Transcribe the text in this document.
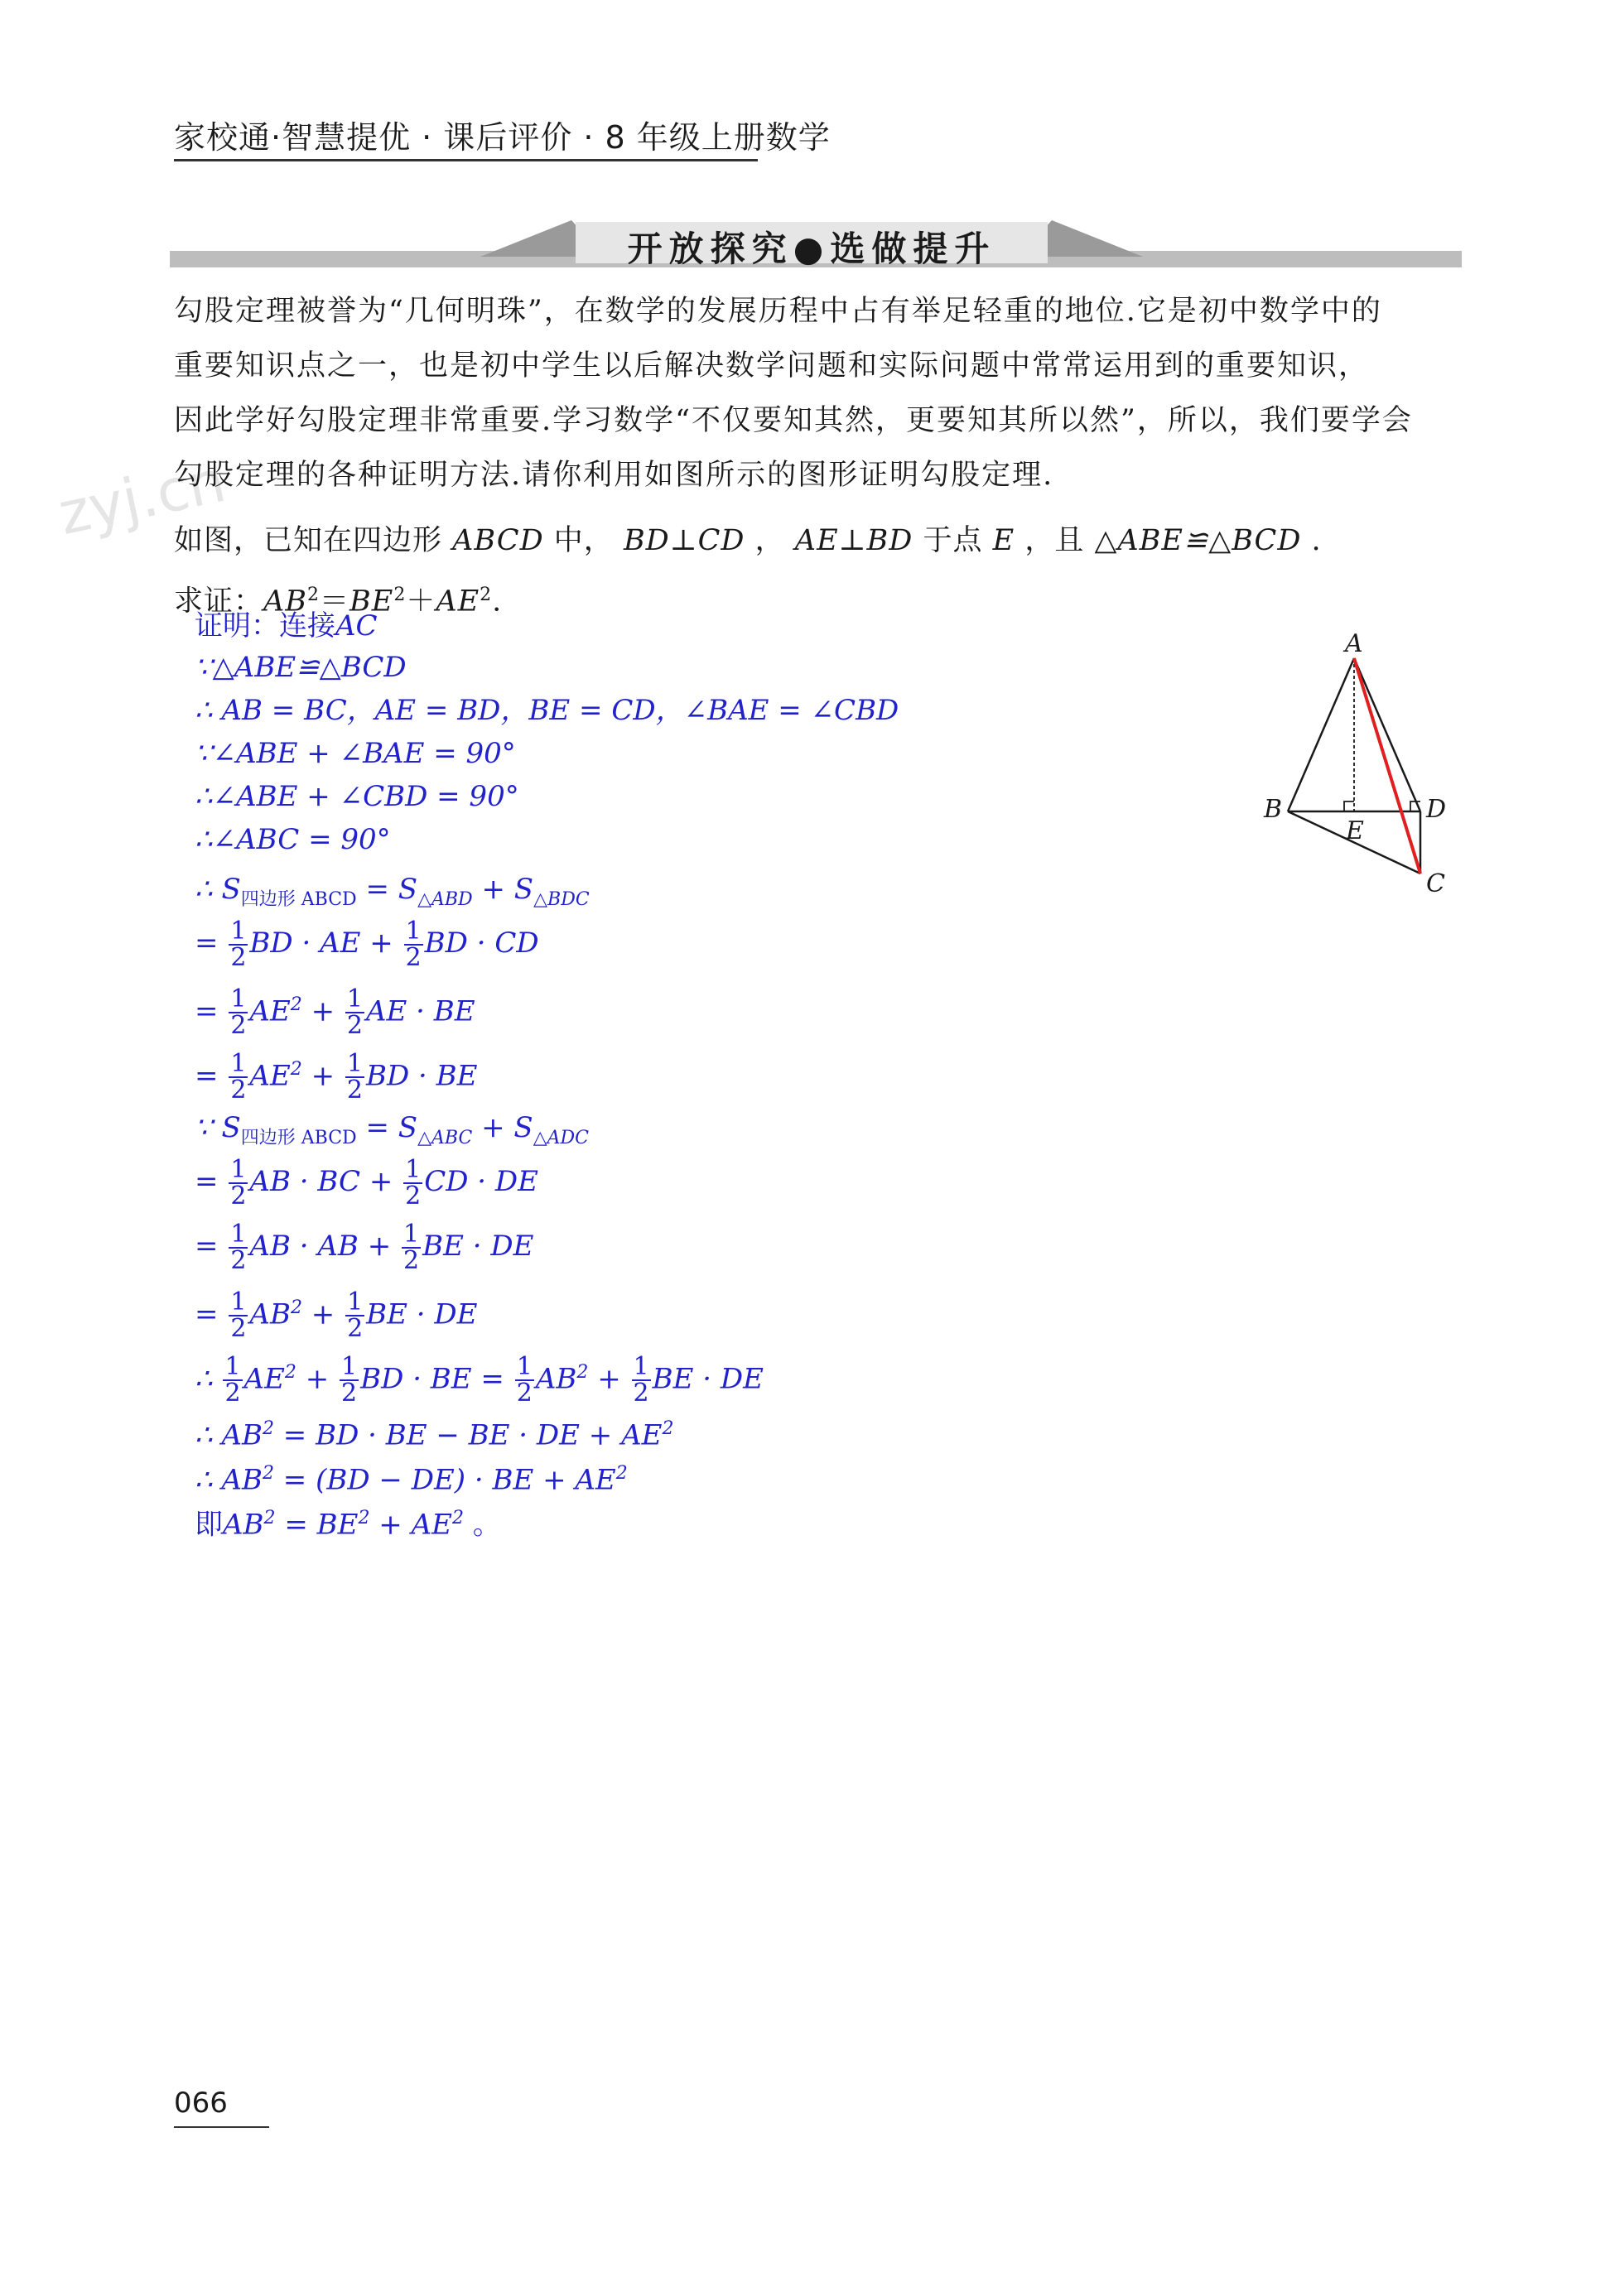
家校通·智慧提优 · 课后评价 · 8 年级上册数学
开放探究●选做提升
zyj.cn
勾股定理被誉为“几何明珠”，在数学的发展历程中占有举足轻重的地位.它是初中数学中的
重要知识点之一，也是初中学生以后解决数学问题和实际问题中常常运用到的重要知识，
因此学好勾股定理非常重要.学习数学“不仅要知其然，更要知其所以然”，所以，我们要学会
勾股定理的各种证明方法.请你利用如图所示的图形证明勾股定理.
如图，已知在四边形 ABCD 中， BD⊥CD ， AE⊥BD 于点 E ，且 △ABE≌△BCD .
求证：$AB^2=BE^2+AE^2$.
A
B
E
D
C
证明：连接AC
∵△ABE≌△BCD
∴ AB = BC，AE = BD，BE = CD，∠BAE = ∠CBD
∵∠ABE + ∠BAE = 90°
∴∠ABE + ∠CBD = 90°
∴∠ABC = 90°
∴ $S_{四边形 ABCD} = S_{\triangle ABD} + S_{\triangle BDC}$
= $\frac{1}{2}$ BD · AE + $\frac{1}{2}$ BD · CD
= $\frac{1}{2} AE^2 + \frac{1}{2}$ AE · BE
= $\frac{1}{2} AE^2 + \frac{1}{2}$ BD · BE
∵ $S_{四边形 ABCD} = S_{\triangle ABC} + S_{\triangle ADC}$
= $\frac{1}{2}$ AB · BC + $\frac{1}{2}$ CD · DE
= $\frac{1}{2}$ AB · AB + $\frac{1}{2}$ BE · DE
= $\frac{1}{2} AB^2 + \frac{1}{2}$ BE · DE
∴ $\frac{1}{2} AE^2 + \frac{1}{2}$ BD · BE = $\frac{1}{2} AB^2 + \frac{1}{2}$ BE · DE
∴ $AB^2$ = BD · BE − BE · DE + $AE^2$
∴ $AB^2 = (BD - DE)$ · BE + $AE^2$
即$AB^2 = BE^2 + AE^2$ 。
066
